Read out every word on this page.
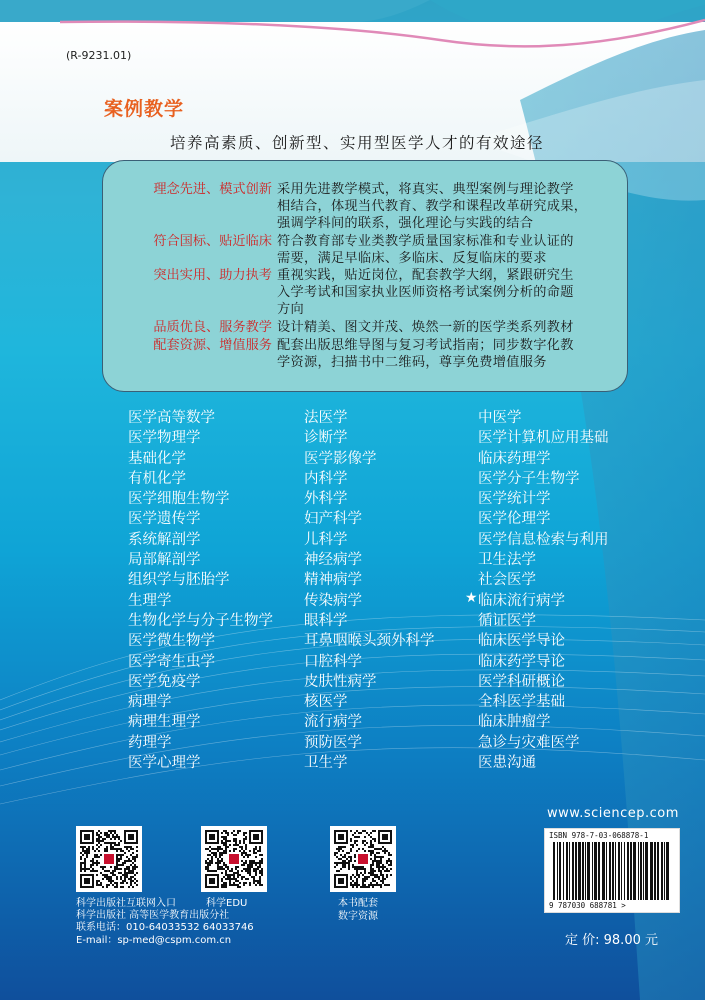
(R-9231.01)
案例教学
培养高素质、创新型、实用型医学人才的有效途径
理念先进、模式创新 采用先进教学模式，将真实、典型案例与理论教学
相结合，体现当代教育、教学和课程改革研究成果，
强调学科间的联系，强化理论与实践的结合
符合国标、贴近临床 符合教育部专业类教学质量国家标准和专业认证的
需要，满足早临床、多临床、反复临床的要求
突出实用、助力执考 重视实践，贴近岗位，配套教学大纲，紧跟研究生
入学考试和国家执业医师资格考试案例分析的命题
方向
品质优良、服务教学 设计精美、图文并茂、焕然一新的医学类系列教材
配套资源、增值服务 配套出版思维导图与复习考试指南；同步数字化教
学资源，扫描书中二维码，尊享免费增值服务
医学高等数学
医学物理学
基础化学
有机化学
医学细胞生物学
医学遗传学
系统解剖学
局部解剖学
组织学与胚胎学
生理学
生物化学与分子生物学
医学微生物学
医学寄生虫学
医学免疫学
病理学
病理生理学
药理学
医学心理学
法医学
诊断学
医学影像学
内科学
外科学
妇产科学
儿科学
神经病学
精神病学
传染病学
眼科学
耳鼻咽喉头颈外科学
口腔科学
皮肤性病学
核医学
流行病学
预防医学
卫生学
中医学
医学计算机应用基础
临床药理学
医学分子生物学
医学统计学
医学伦理学
医学信息检索与利用
卫生法学
社会医学
临床流行病学
循证医学
临床医学导论
临床药学导论
医学科研概论
全科医学基础
临床肿瘤学
急诊与灾难医学
医患沟通
★
www.sciencep.com
ISBN 978-7-03-068878-1
9 787030 688781 >
定 价: 98.00 元
科学出版社互联网入口	科学EDU	本书配套
数字资源
科学出版社 高等医学教育出版分社
联系电话：010-64033532 64033746
E-mail：sp-med@cspm.com.cn
